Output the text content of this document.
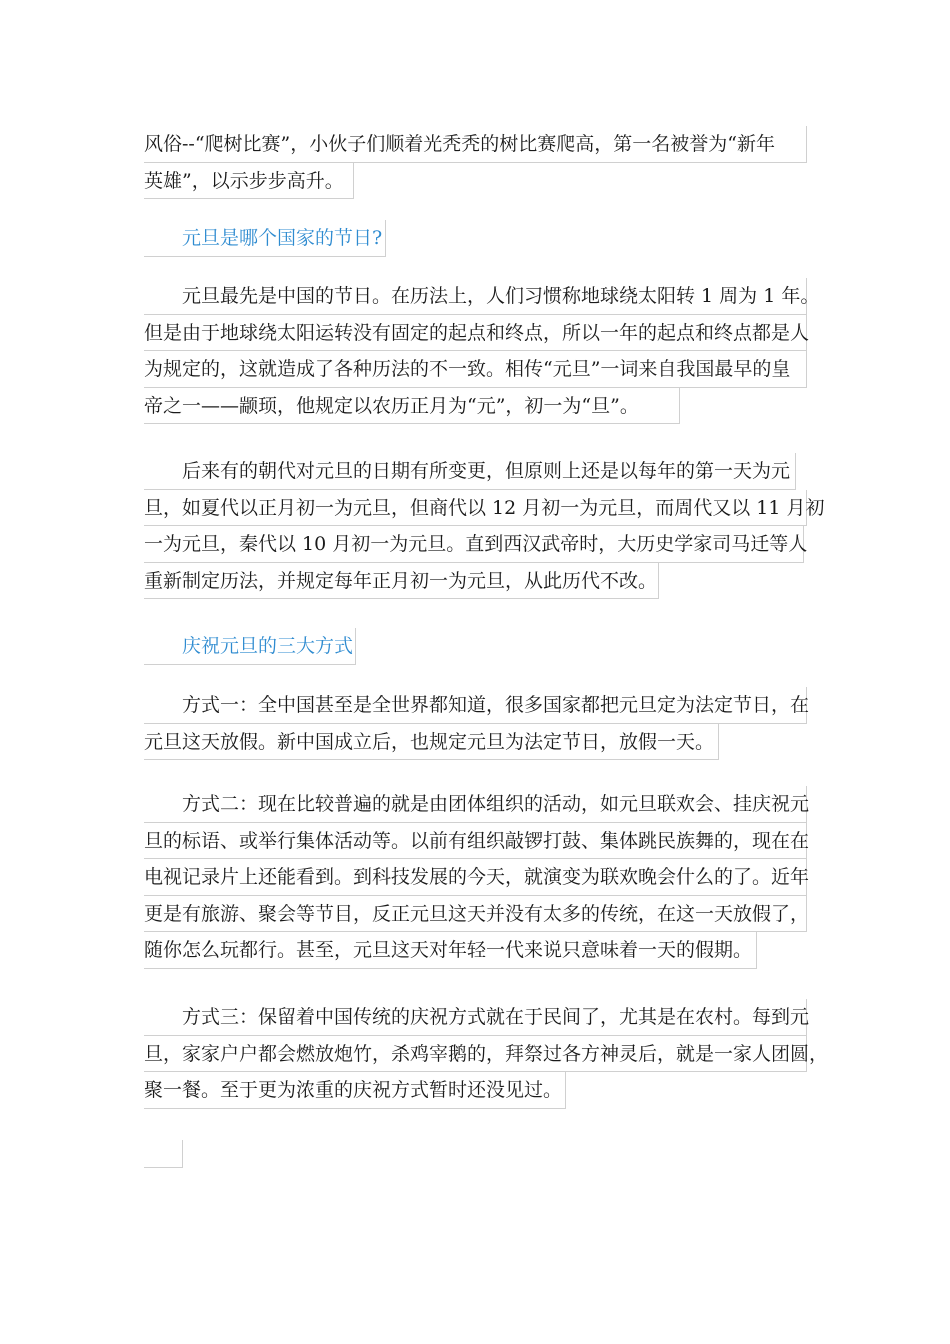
风俗--“爬树比赛”，小伙子们顺着光秃秃的树比赛爬高，第一名被誉为“新年
英雄”，以示步步高升。
元旦是哪个国家的节日?
元旦最先是中国的节日。在历法上，人们习惯称地球绕太阳转 1 周为 1 年。
但是由于地球绕太阳运转没有固定的起点和终点，所以一年的起点和终点都是人
为规定的，这就造成了各种历法的不一致。相传“元旦”一词来自我国最早的皇
帝之一——颛顼，他规定以农历正月为“元”，初一为“旦”。
后来有的朝代对元旦的日期有所变更，但原则上还是以每年的第一天为元
旦，如夏代以正月初一为元旦，但商代以 12 月初一为元旦，而周代又以 11 月初
一为元旦，秦代以 10 月初一为元旦。直到西汉武帝时，大历史学家司马迁等人
重新制定历法，并规定每年正月初一为元旦，从此历代不改。
庆祝元旦的三大方式
方式一：全中国甚至是全世界都知道，很多国家都把元旦定为法定节日，在
元旦这天放假。新中国成立后，也规定元旦为法定节日，放假一天。
方式二：现在比较普遍的就是由团体组织的活动，如元旦联欢会、挂庆祝元
旦的标语、或举行集体活动等。以前有组织敲锣打鼓、集体跳民族舞的，现在在
电视记录片上还能看到。到科技发展的今天，就演变为联欢晚会什么的了。近年
更是有旅游、聚会等节目，反正元旦这天并没有太多的传统，在这一天放假了，
随你怎么玩都行。甚至，元旦这天对年轻一代来说只意味着一天的假期。
方式三：保留着中国传统的庆祝方式就在于民间了，尤其是在农村。每到元
旦，家家户户都会燃放炮竹，杀鸡宰鹅的，拜祭过各方神灵后，就是一家人团圆，
聚一餐。至于更为浓重的庆祝方式暂时还没见过。
